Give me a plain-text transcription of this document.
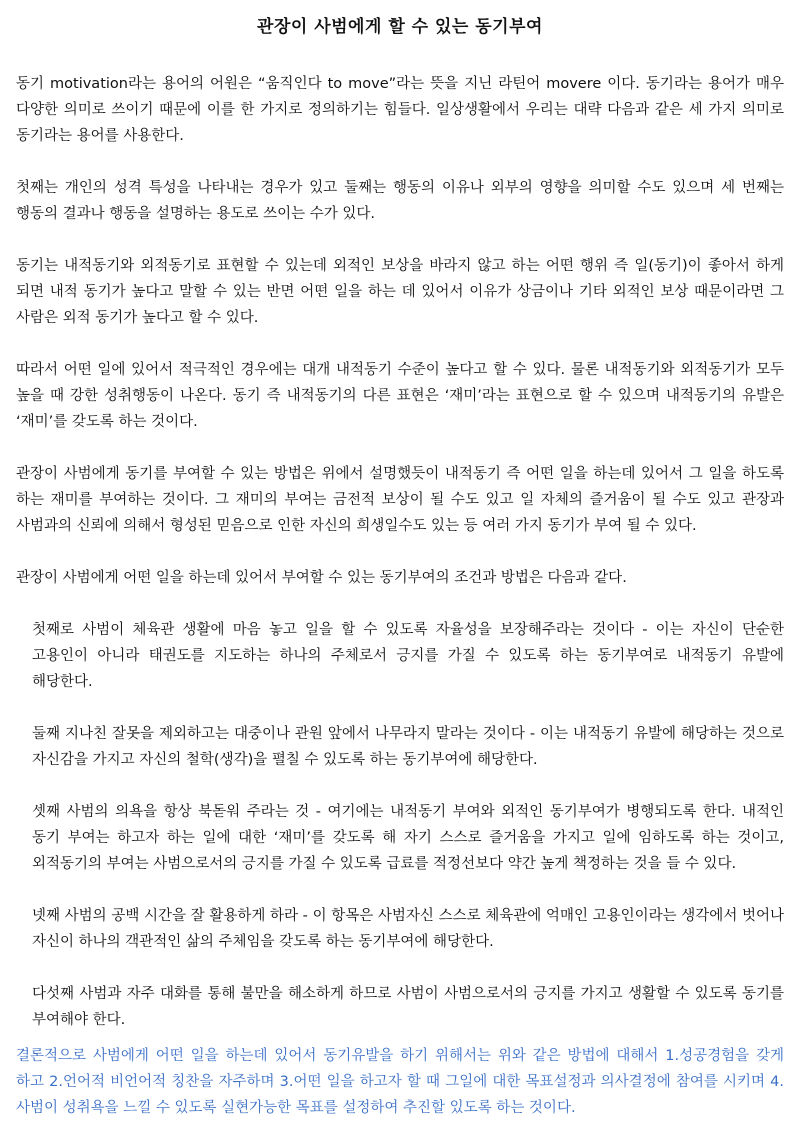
관장이 사범에게 할 수 있는 동기부여

동기 motivation라는 용어의 어원은 “움직인다 to move”라는 뜻을 지닌 라틴어 movere 이다. 동기라는 용어가 매우 다양한 의미로 쓰이기 때문에 이를 한 가지로 정의하기는 힘들다. 일상생활에서 우리는 대략 다음과 같은 세 가지 의미로 동기라는 용어를 사용한다.

첫째는 개인의 성격 특성을 나타내는 경우가 있고 둘째는 행동의 이유나 외부의 영향을 의미할 수도 있으며 세 번째는 행동의 결과나 행동을 설명하는 용도로 쓰이는 수가 있다.

동기는 내적동기와 외적동기로 표현할 수 있는데 외적인 보상을 바라지 않고 하는 어떤 행위 즉 일(동기)이 좋아서 하게 되면 내적 동기가 높다고 말할 수 있는 반면 어떤 일을 하는 데 있어서 이유가 상금이나 기타 외적인 보상 때문이라면 그 사람은 외적 동기가 높다고 할 수 있다.

따라서 어떤 일에 있어서 적극적인 경우에는 대개 내적동기 수준이 높다고 할 수 있다. 물론 내적동기와 외적동기가 모두 높을 때 강한 성취행동이 나온다. 동기 즉 내적동기의 다른 표현은 ‘재미’라는 표현으로 할 수 있으며 내적동기의 유발은 ‘재미’를 갖도록 하는 것이다.

관장이 사범에게 동기를 부여할 수 있는 방법은 위에서 설명했듯이 내적동기 즉 어떤 일을 하는데 있어서 그 일을 하도록 하는 재미를 부여하는 것이다. 그 재미의 부여는 금전적 보상이 될 수도 있고 일 자체의 즐거움이 될 수도 있고 관장과 사범과의 신뢰에 의해서 형성된 믿음으로 인한 자신의 희생일수도 있는 등 여러 가지 동기가 부여 될 수 있다.

관장이 사범에게 어떤 일을 하는데 있어서 부여할 수 있는 동기부여의 조건과 방법은 다음과 같다.

첫째로 사범이 체육관 생활에 마음 놓고 일을 할 수 있도록 자율성을 보장해주라는 것이다 - 이는 자신이 단순한 고용인이 아니라 태권도를 지도하는 하나의 주체로서 긍지를 가질 수 있도록 하는 동기부여로 내적동기 유발에 해당한다.

둘째 지나친 잘못을 제외하고는 대중이나 관원 앞에서 나무라지 말라는 것이다 - 이는 내적동기 유발에 해당하는 것으로 자신감을 가지고 자신의 철학(생각)을 펼칠 수 있도록 하는 동기부여에 해당한다.

셋째 사범의 의욕을 항상 북돋워 주라는 것 - 여기에는 내적동기 부여와 외적인 동기부여가 병행되도록 한다. 내적인 동기 부여는 하고자 하는 일에 대한 ‘재미’를 갖도록 해 자기 스스로 즐거움을 가지고 일에 임하도록 하는 것이고, 외적동기의 부여는 사범으로서의 긍지를 가질 수 있도록 급료를 적정선보다 약간 높게 책정하는 것을 들 수 있다.

넷째 사범의 공백 시간을 잘 활용하게 하라 - 이 항목은 사범자신 스스로 체육관에 억매인 고용인이라는 생각에서 벗어나 자신이 하나의 객관적인 삶의 주체임을 갖도록 하는 동기부여에 해당한다.

다섯째 사범과 자주 대화를 통해 불만을 해소하게 하므로 사범이 사범으로서의 긍지를 가지고 생활할 수 있도록 동기를 부여해야 한다.

결론적으로 사범에게 어떤 일을 하는데 있어서 동기유발을 하기 위해서는 위와 같은 방법에 대해서 1.성공경험을 갖게 하고 2.언어적 비언어적 칭찬을 자주하며 3.어떤 일을 하고자 할 때 그일에 대한 목표설정과 의사결정에 참여를 시키며 4.사범이 성취욕을 느낄 수 있도록 실현가능한 목표를 설정하여 추진할 있도록 하는 것이다.
